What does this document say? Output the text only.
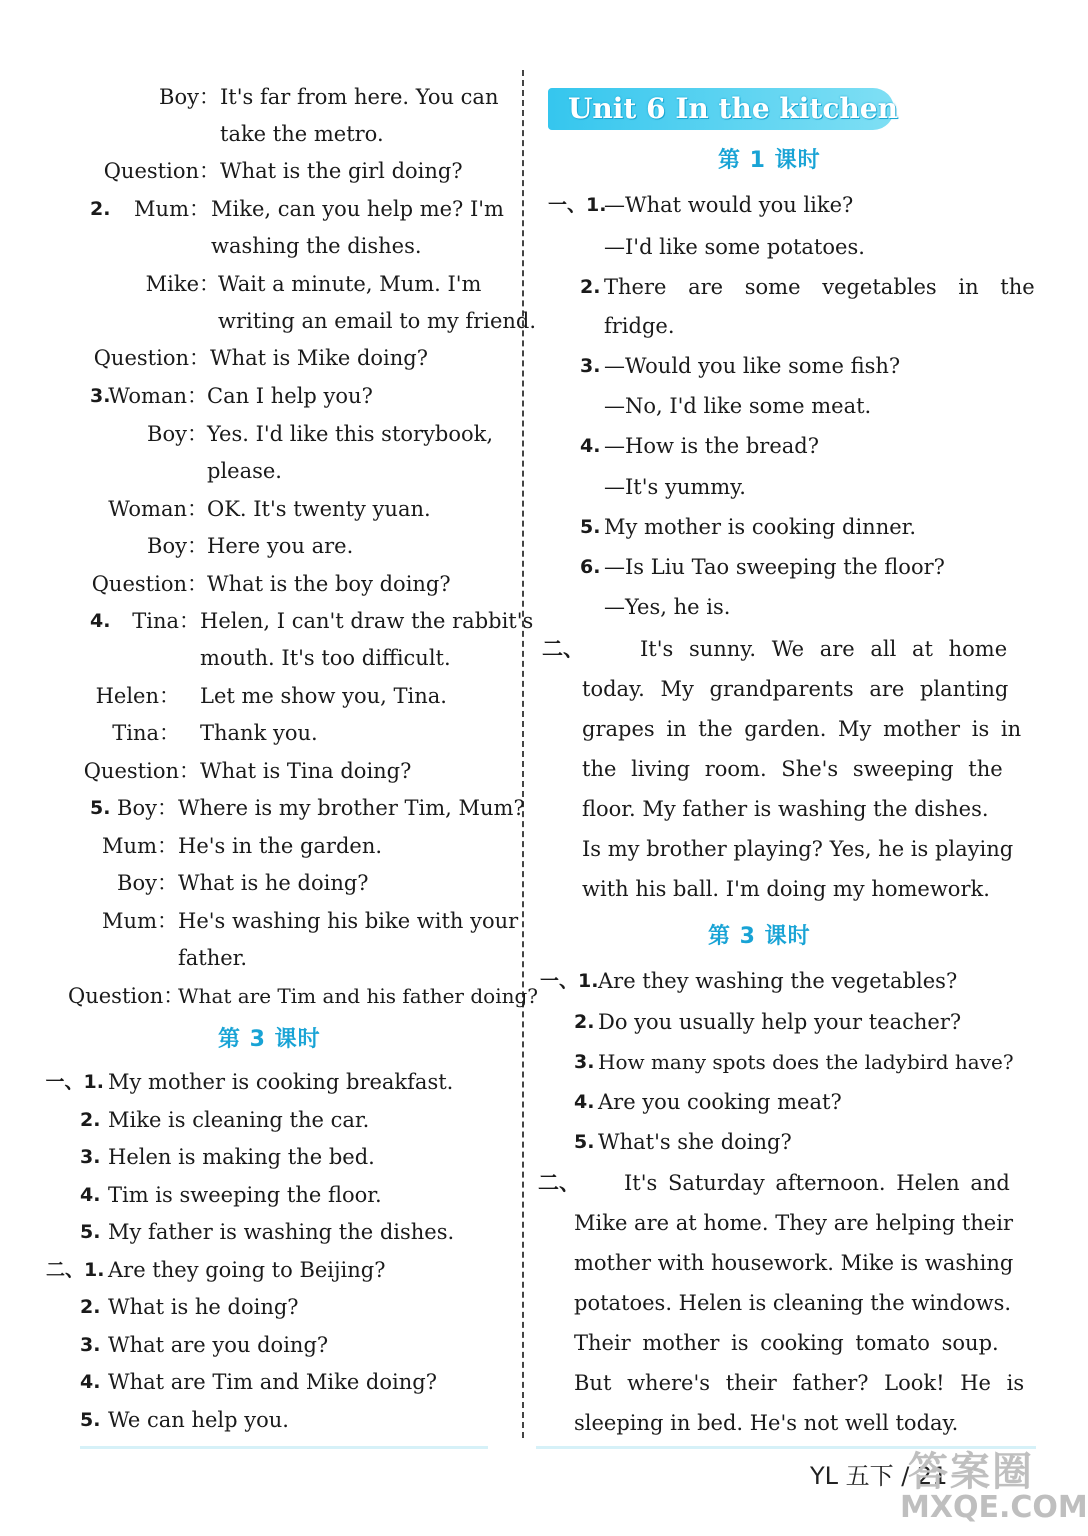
Boy： It's far from here. You can
take the metro.
Question： What is the girl doing?
2. Mum： Mike, can you help me? I'm
washing the dishes.
Mike：
Wait a minute, Mum. I'm
writing an email to my friend.
Question： What is Mike doing?
3.
Woman： Can I help you?
Boy： Yes. I'd like this storybook,
please.
Woman： OK. It's twenty yuan.
Boy： Here you are.
Question： What is the boy doing?
4. Tina： Helen, I can't draw the rabbit's
mouth. It's too difficult.
Helen： Let me show you, Tina.
Tina： Thank you.
Question： What is Tina doing?
5. Boy： Where is my brother Tim, Mum?
Mum： He's in the garden.
Boy： What is he doing?
Mum： He's washing his bike with your
father.
Question：
What are Tim and his father doing?
第 3 课时
一、1. My mother is cooking breakfast.
2. Mike is cleaning the car.
3. Helen is making the bed.
4. Tim is sweeping the floor.
5. My father is washing the dishes.
二、1. Are they going to Beijing?
2. What is he doing?
3. What are you doing?
4. What are Tim and Mike doing?
5. We can help you.
Unit 6 In the kitchen
第 1 课时
一、1.
—What would you like?
—I'd like some potatoes.
2. There are some vegetables in the
fridge.
3. —Would you like some fish?
—No, I'd like some meat.
4. —How is the bread?
—It's yummy.
5. My mother is cooking dinner.
6. —Is Liu Tao sweeping the floor?
—Yes, he is.
二、	It's sunny. We are all at home
today. My grandparents are planting
grapes in the garden. My mother is in
the living room. She's sweeping the
floor. My father is washing the dishes.
Is my brother playing? Yes, he is playing
with his ball. I'm doing my homework.
第 3 课时
一、1. Are they washing the vegetables?
2. Do you usually help your teacher?
3. How many spots does the ladybird have?
4. Are you cooking meat?
5. What's she doing?
二、 It's Saturday afternoon. Helen and
Mike are at home. They are helping their
mother with housework. Mike is washing
potatoes. Helen is cleaning the windows.
Their mother is cooking tomato soup.
But where's their father? Look! He is
sleeping in bed. He's not well today.
YL 五下 / 21
答案圈
MXQE.COM
